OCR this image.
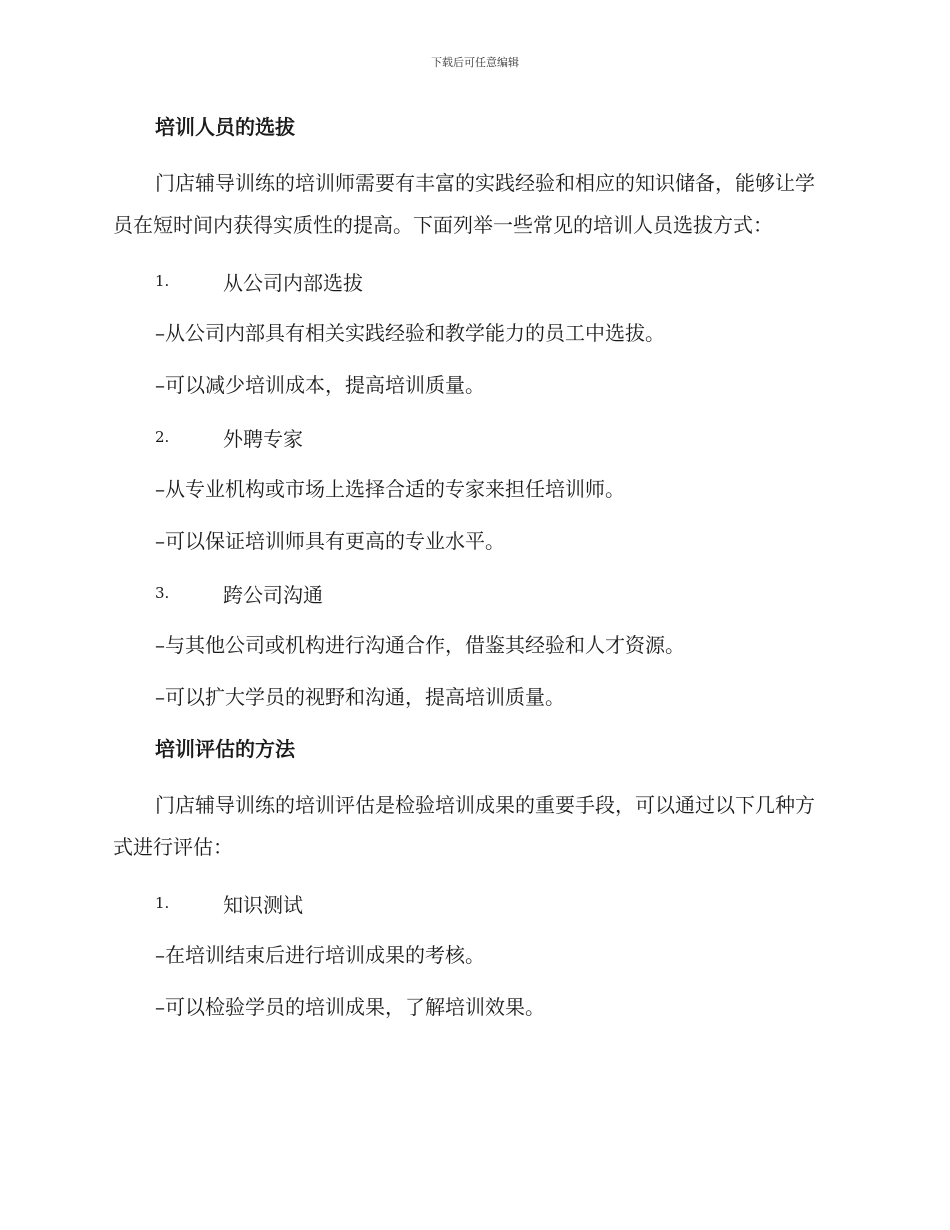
下载后可任意编辑
培训人员的选拔

门店辅导训练的培训师需要有丰富的实践经验和相应的知识储备，能够让学员在短时间内获得实质性的提高。下面列举一些常见的培训人员选拔方式：

1.	从公司内部选拔
–从公司内部具有相关实践经验和教学能力的员工中选拔。
–可以减少培训成本，提高培训质量。
2.	外聘专家
–从专业机构或市场上选择合适的专家来担任培训师。
–可以保证培训师具有更高的专业水平。
3.	跨公司沟通
–与其他公司或机构进行沟通合作，借鉴其经验和人才资源。
–可以扩大学员的视野和沟通，提高培训质量。
培训评估的方法

门店辅导训练的培训评估是检验培训成果的重要手段，可以通过以下几种方式进行评估：

1.	知识测试
–在培训结束后进行培训成果的考核。
–可以检验学员的培训成果，了解培训效果。
